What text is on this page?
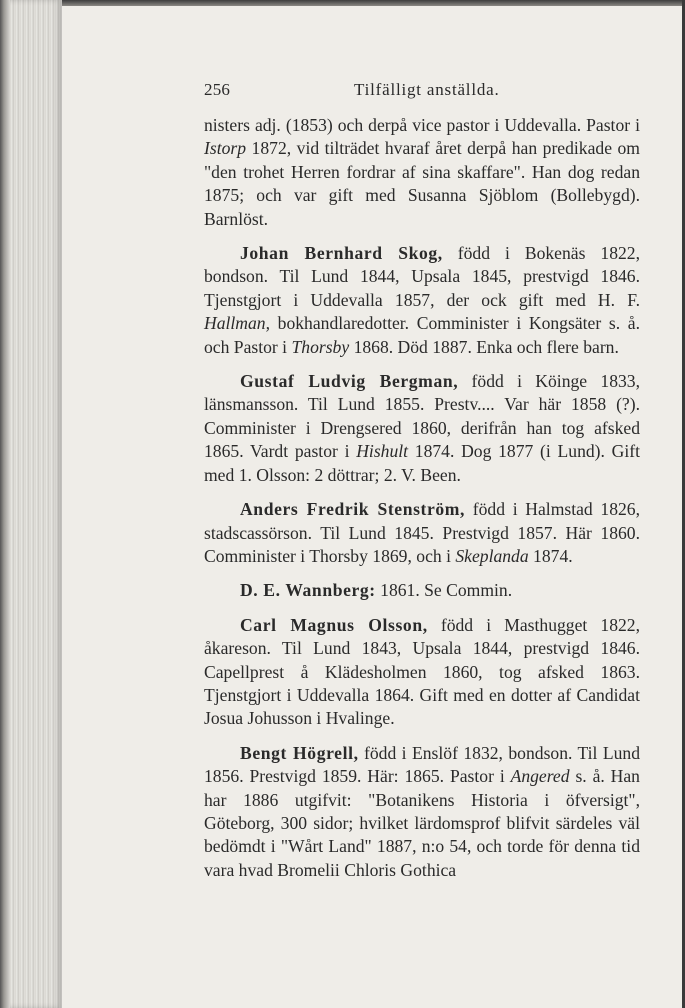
256	Tilfälligt anställda.

nisters adj. (1853) och derpå vice pastor i Uddevalla. Pastor i Istorp 1872, vid tilträdet hvaraf året derpå han predikade om "den trohet Herren fordrar af sina skaffare". Han dog redan 1875; och var gift med Susanna Sjöblom (Bollebygd). Barnlöst.

Johan Bernhard Skog, född i Bokenäs 1822, bondson. Til Lund 1844, Upsala 1845, prestvigd 1846. Tjenstgjort i Uddevalla 1857, der ock gift med H. F. Hallman, bokhandlaredotter. Comminister i Kongsäter s. å. och Pastor i Thorsby 1868. Död 1887. Enka och flere barn.

Gustaf Ludvig Bergman, född i Köinge 1833, länsmansson. Til Lund 1855. Prestv.... Var här 1858 (?). Comminister i Drengsered 1860, derifrån han tog afsked 1865. Vardt pastor i Hishult 1874. Dog 1877 (i Lund). Gift med 1. Olsson: 2 döttrar; 2. V. Been.

Anders Fredrik Stenström, född i Halmstad 1826, stadscassörson. Til Lund 1845. Prestvigd 1857. Här 1860. Comminister i Thorsby 1869, och i Skeplanda 1874.

D. E. Wannberg: 1861. Se Commin.

Carl Magnus Olsson, född i Masthugget 1822, åkareson. Til Lund 1843, Upsala 1844, prestvigd 1846. Capellprest å Klädesholmen 1860, tog afsked 1863. Tjenstgjort i Uddevalla 1864. Gift med en dotter af Candidat Josua Johusson i Hvalinge.

Bengt Högrell, född i Enslöf 1832, bondson. Til Lund 1856. Prestvigd 1859. Här: 1865. Pastor i Angered s. å. Han har 1886 utgifvit: "Botanikens Historia i öfversigt", Göteborg, 300 sidor; hvilket lärdomsprof blifvit särdeles väl bedömdt i "Wårt Land" 1887, n:o 54, och torde för denna tid vara hvad Bromelii Chloris Gothica
